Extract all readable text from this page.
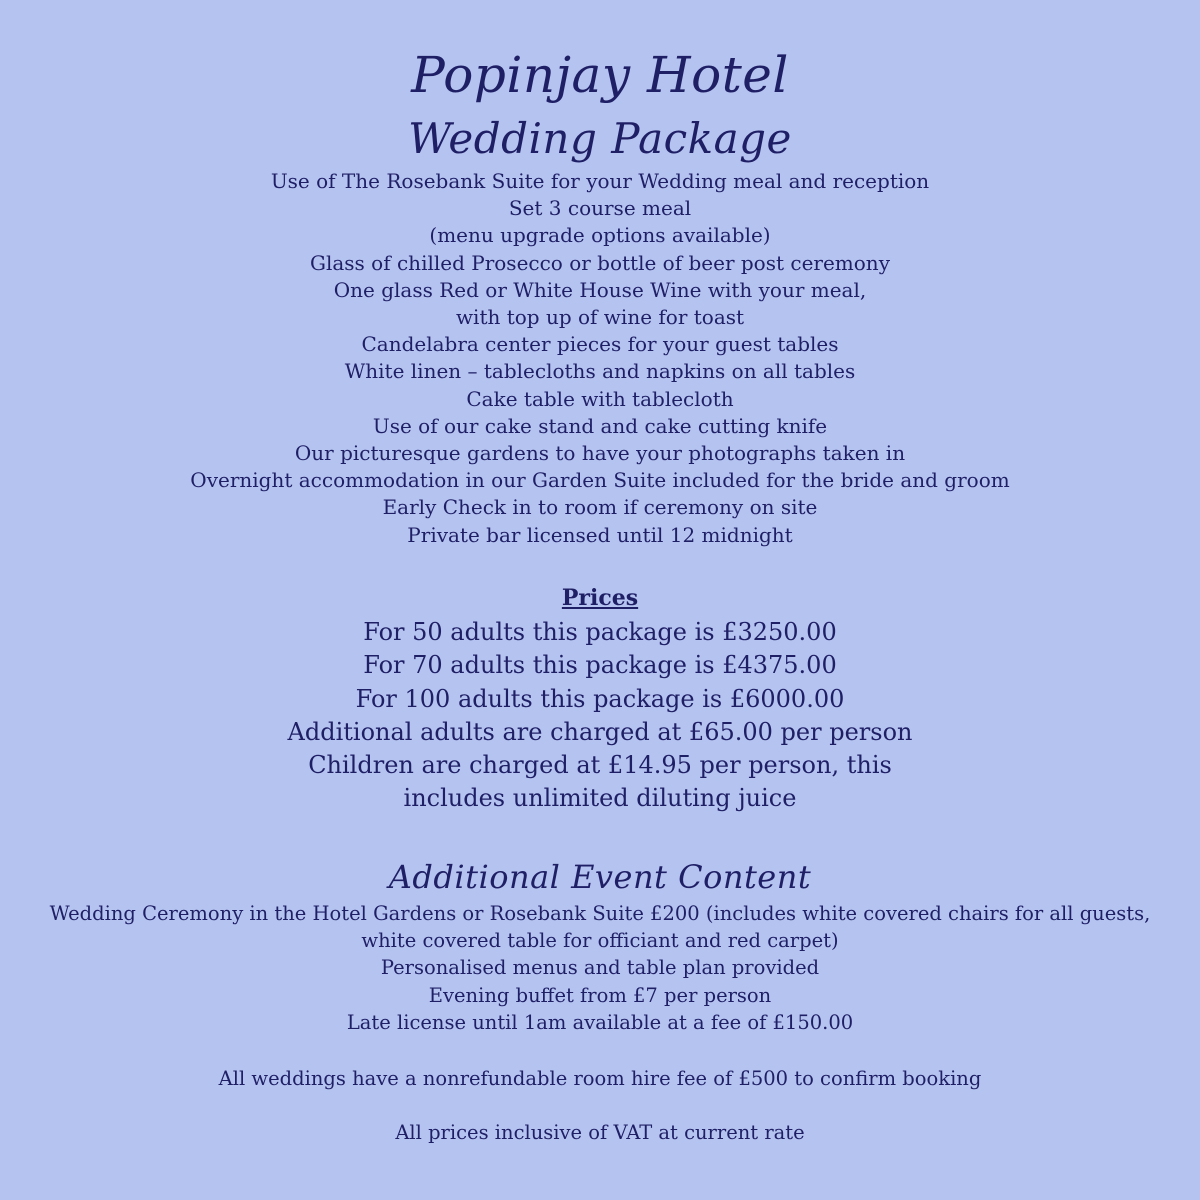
Popinjay Hotel
Wedding Package
Use of The Rosebank Suite for your Wedding meal and reception
Set 3 course meal
(menu upgrade options available)
Glass of chilled Prosecco or bottle of beer post ceremony
One glass Red or White House Wine with your meal,
with top up of wine for toast
Candelabra center pieces for your guest tables
White linen – tablecloths and napkins on all tables
Cake table with tablecloth
Use of our cake stand and cake cutting knife
Our picturesque gardens to have your photographs taken in
Overnight accommodation in our Garden Suite included for the bride and groom
Early Check in to room if ceremony on site
Private bar licensed until 12 midnight
Prices
For 50 adults this package is £3250.00
For 70 adults this package is £4375.00
For 100 adults this package is £6000.00
Additional adults are charged at £65.00 per person
Children are charged at £14.95 per person, this
includes unlimited diluting juice
Additional Event Content
Wedding Ceremony in the Hotel Gardens or Rosebank Suite £200 (includes white covered chairs for all guests,
white covered table for officiant and red carpet)
Personalised menus and table plan provided
Evening buffet from £7 per person
Late license until 1am available at a fee of £150.00
All weddings have a nonrefundable room hire fee of £500 to confirm booking
All prices inclusive of VAT at current rate
